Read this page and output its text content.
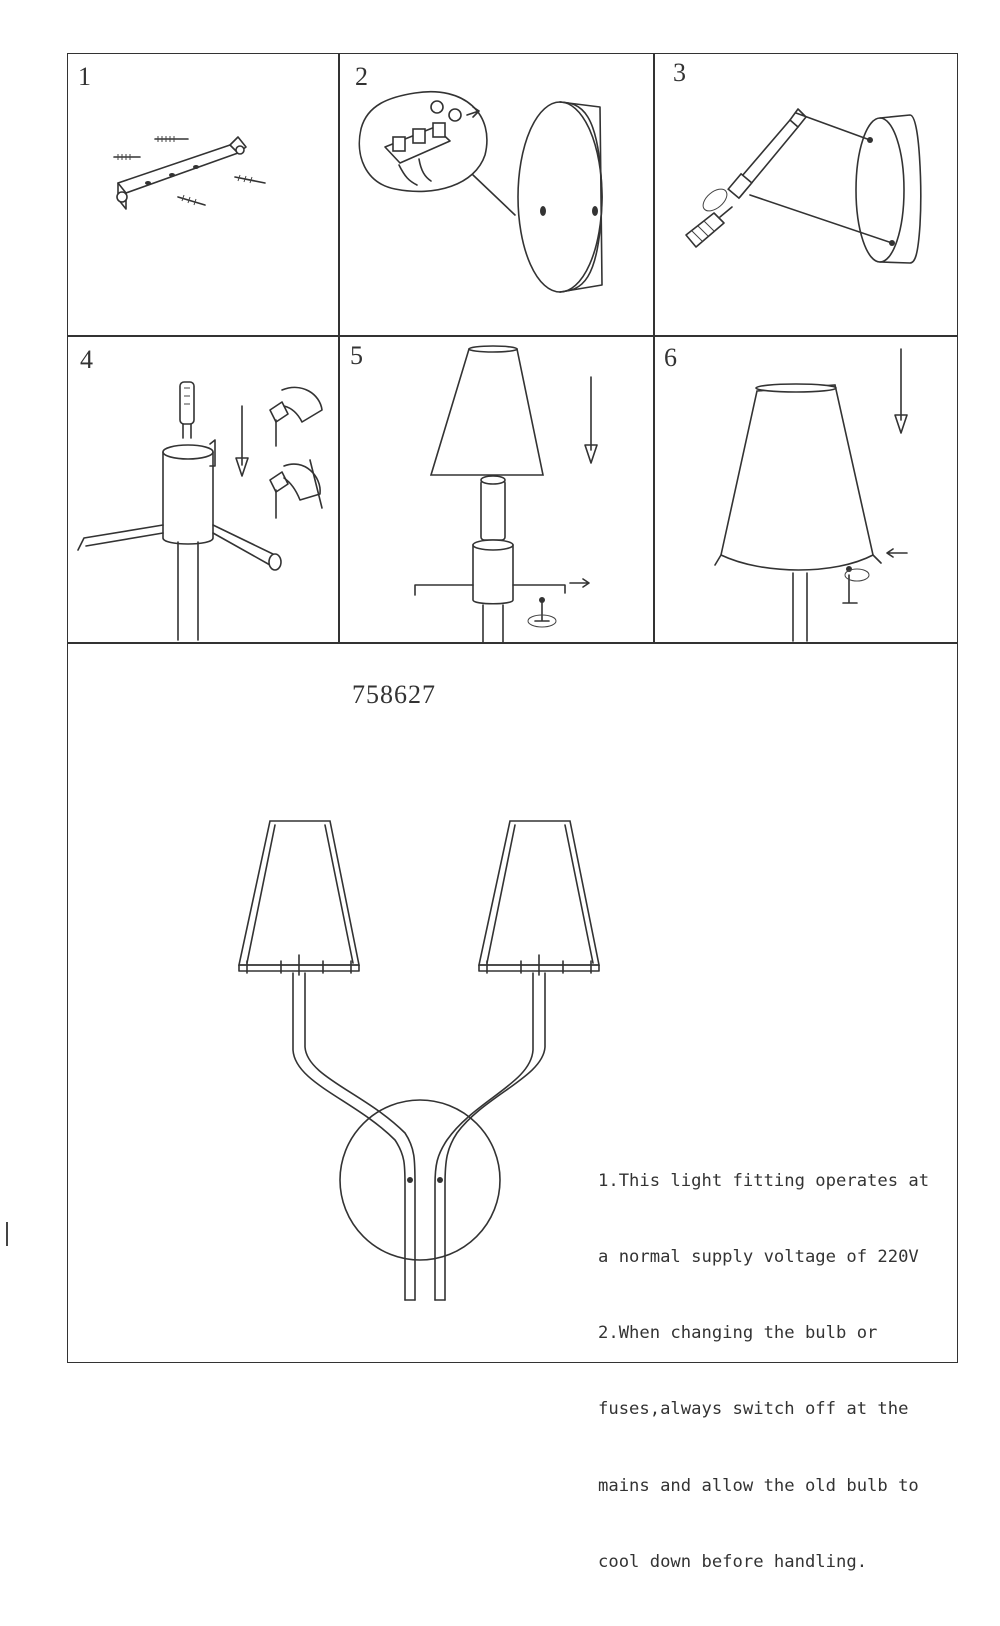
1	2	3
4	5	6
758627

1.This light fitting operates at

a normal supply voltage of 220V

2.When changing the bulb or

fuses,always switch off at the

mains and allow the old bulb to

cool down before handling.
